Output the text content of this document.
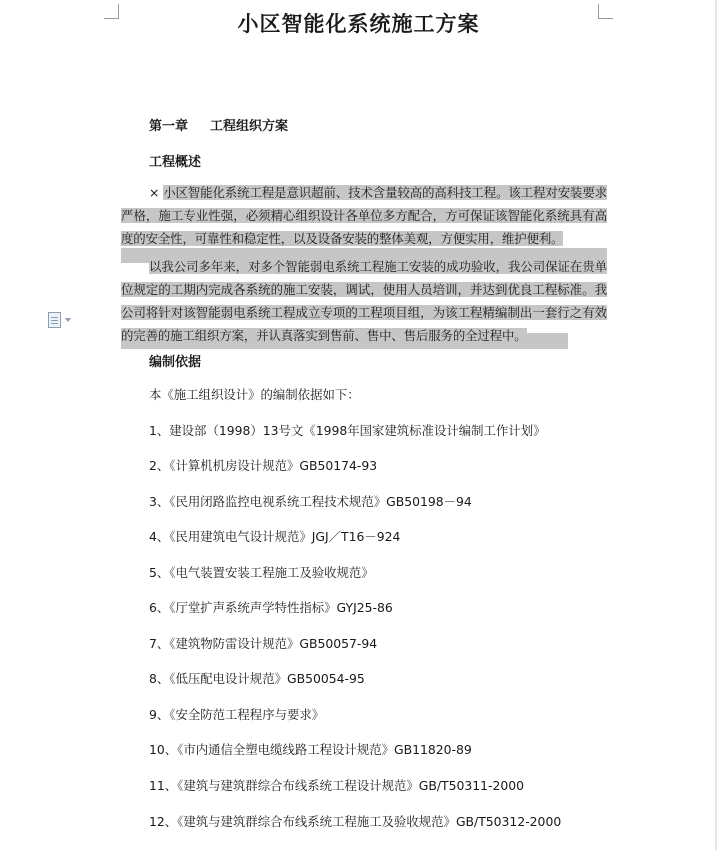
小区智能化系统施工方案
第一章 工程组织方案
工程概述
× 小区智能化系统工程是意识超前、技术含量较高的高科技工程。该工程对安装要求严格，施工专业性强，必须精心组织设计各单位多方配合，方可保证该智能化系统具有高度的安全性，可靠性和稳定性，以及设备安装的整体美观，方便实用，维护便利。
以我公司多年来，对多个智能弱电系统工程施工安装的成功验收，我公司保证在贵单位规定的工期内完成各系统的施工安装，调试，使用人员培训，并达到优良工程标准。我公司将针对该智能弱电系统工程成立专项的工程项目组，为该工程精编制出一套行之有效的完善的施工组织方案，并认真落实到售前、售中、售后服务的全过程中。
编制依据
本《施工组织设计》的编制依据如下：
1、建设部（1998）13号文《1998年国家建筑标准设计编制工作计划》
2、《计算机机房设计规范》GB50174-93
3、《民用闭路监控电视系统工程技术规范》GB50198－94
4、《民用建筑电气设计规范》JGJ／T16－924
5、《电气装置安装工程施工及验收规范》
6、《厅堂扩声系统声学特性指标》GYJ25-86
7、《建筑物防雷设计规范》GB50057-94
8、《低压配电设计规范》GB50054-95
9、《安全防范工程程序与要求》
10、《市内通信全塑电缆线路工程设计规范》GB11820-89
11、《建筑与建筑群综合布线系统工程设计规范》GB/T50311-2000
12、《建筑与建筑群综合布线系统工程施工及验收规范》GB/T50312-2000
